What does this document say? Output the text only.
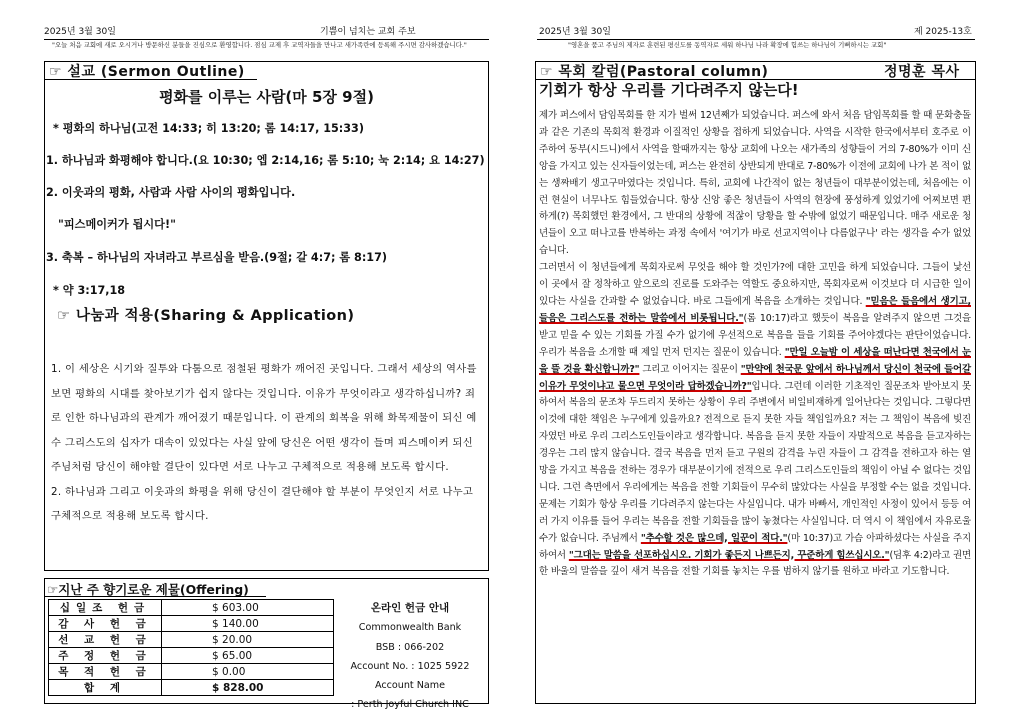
2025년 3월 30일	기쁨이 넘치는 교회 주보	2025년 3월 30일	제 2025-13호
"오늘 처음 교회에 새로 오시거나 방문하신 분들을 진심으로 환영합니다. 점심 교제 후 교역자들을 만나고 새가족란에 등록해 주시면 감사하겠습니다."	"영혼을 품고 주님의 제자로 훈련된 평신도를 동역자로 세워 하나님 나라 확장에 힘쓰는 하나님이 기뻐하시는 교회"
☞ 설교 (Sermon Outline)
평화를 이루는 사람(마 5장 9절)
* 평화의 하나님(고전 14:33; 히 13:20; 롬 14:17, 15:33)
1. 하나님과 화평해야 합니다.(요 10:30; 엡 2:14,16; 롬 5:10; 눅 2:14; 요 14:27)
2. 이웃과의 평화, 사람과 사람 사이의 평화입니다.
"피스메이커가 됩시다!"
3. 축복 – 하나님의 자녀라고 부르심을 받음.(9절; 갈 4:7; 롬 8:17)
* 약 3:17,18
☞ 나눔과 적용(Sharing & Application)

1. 이 세상은 시기와 질투와 다툼으로 점철된 평화가 깨어진 곳입니다. 그래서 세상의 역사를 보면 평화의 시대를 찾아보기가 쉽지 않다는 것입니다. 이유가 무엇이라고 생각하십니까? 죄로 인한 하나님과의 관계가 깨어졌기 때문입니다. 이 관계의 회복을 위해 화목제물이 되신 예수 그리스도의 십자가 대속이 있었다는 사실 앞에 당신은 어떤 생각이 들며 피스메이커 되신 주님처럼 당신이 해야할 결단이 있다면 서로 나누고 구체적으로 적용해 보도록 합시다.

2. 하나님과 그리고 이웃과의 화평을 위해 당신이 결단해야 할 부분이 무엇인지 서로 나누고 구체적으로 적용해 보도록 합시다.

☞지난 주 향기로운 제물(Offering)
십일조 헌금	$ 603.00
감 사 헌 금	$ 140.00
선 교 헌 금	$ 20.00
주 정 헌 금	$ 65.00
목 적 헌 금	$ 0.00
합 계	$ 828.00
온라인 헌금 안내
Commonwealth Bank
BSB : 066-202
Account No. : 1025 5922
Account Name
: Perth Joyful Church INC
☞ 목회 칼럼(Pastoral column)	정명훈 목사
기회가 항상 우리를 기다려주지 않는다!

제가 퍼스에서 담임목회를 한 지가 벌써 12년째가 되었습니다. 퍼스에 와서 처음 담임목회를 할 때 문화충돌과 같은 기존의 목회적 환경과 이질적인 상황을 접하게 되었습니다. 사역을 시작한 한국에서부터 호주로 이주하여 동부(시드니)에서 사역을 할때까지는 항상 교회에 나오는 새가족의 성향들이 거의 7-80%가 이미 신앙을 가지고 있는 신자들이었는데, 퍼스는 완전히 상반되게 반대로 7-80%가 이전에 교회에 나가 본 적이 없는 생짜배기 생고구마였다는 것입니다. 특히, 교회에 나간적이 없는 청년들이 대부분이었는데, 처음에는 이런 현실이 너무나도 힘들었습니다. 항상 신앙 좋은 청년들이 사역의 현장에 풍성하게 있었기에 어찌보면 편하게(?) 목회했던 환경에서, 그 반대의 상황에 적잖이 당황을 할 수밖에 없었기 때문입니다. 매주 새로운 청년들이 오고 떠나고를 반복하는 과정 속에서 '여기가 바로 선교지역이나 다름없구나' 라는 생각을 수가 없었습니다.

그러면서 이 청년들에게 목회자로써 무엇을 해야 할 것인가?에 대한 고민을 하게 되었습니다. 그들이 낯선 이 곳에서 잘 정착하고 앞으로의 진로를 도와주는 역할도 중요하지만, 목회자로써 이것보다 더 시급한 일이 있다는 사실을 간과할 수 없었습니다. 바로 그들에게 복음을 소개하는 것입니다. "믿음은 들음에서 생기고, 들음은 그리스도를 전하는 말씀에서 비롯됩니다."(롬 10:17)라고 했듯이 복음을 알려주지 않으면 그것을 받고 믿을 수 있는 기회를 가질 수가 없기에 우선적으로 복음을 들을 기회를 주어야겠다는 판단이었습니다. 우리가 복음을 소개할 때 제일 먼저 던지는 질문이 있습니다. "만일 오늘밤 이 세상을 떠난다면 천국에서 눈을 뜰 것을 확신합니까?" 그리고 이어지는 질문이 "만약에 천국문 앞에서 하나님께서 당신이 천국에 들어갈 이유가 무엇이냐고 물으면 무엇이라 답하겠습니까?"입니다. 그런데 이러한 기초적인 질문조차 받아보지 못하여서 복음의 문조차 두드리지 못하는 상황이 우리 주변에서 비일비재하게 일어난다는 것입니다. 그렇다면 이것에 대한 책임은 누구에게 있을까요? 전적으로 듣지 못한 자들 책임일까요? 저는 그 책임이 복음에 빚진 자였던 바로 우리 그리스도인들이라고 생각합니다. 복음을 듣지 못한 자들이 자발적으로 복음을 듣고자하는 경우는 그리 많지 않습니다. 결국 복음을 먼저 듣고 구원의 감격을 누린 자들이 그 감격을 전하고자 하는 열망을 가지고 복음을 전하는 경우가 대부분이기에 전적으로 우리 그리스도인들의 책임이 아닐 수 없다는 것입니다. 그런 측면에서 우리에게는 복음을 전할 기회들이 무수히 많았다는 사실을 부정할 수는 없을 것입니다. 문제는 기회가 항상 우리를 기다려주지 않는다는 사실입니다. 내가 바빠서, 개인적인 사정이 있어서 등등 여러 가지 이유를 들어 우리는 복음을 전할 기회들을 많이 놓쳤다는 사실입니다. 더 역시 이 책임에서 자유로울 수가 없습니다. 주님께서 "추수할 것은 많으데, 일꾼이 적다."(마 10:37)고 가슴 아파하셨다는 사실을 주지하여서 "그대는 말씀을 선포하십시오. 기회가 좋든지 나쁘든지, 꾸준하게 힘쓰십시오."(딤후 4:2)라고 권면한 바울의 말씀을 깊이 새겨 복음을 전할 기회를 놓치는 우를 범하지 않기를 원하고 바라고 기도합니다.
